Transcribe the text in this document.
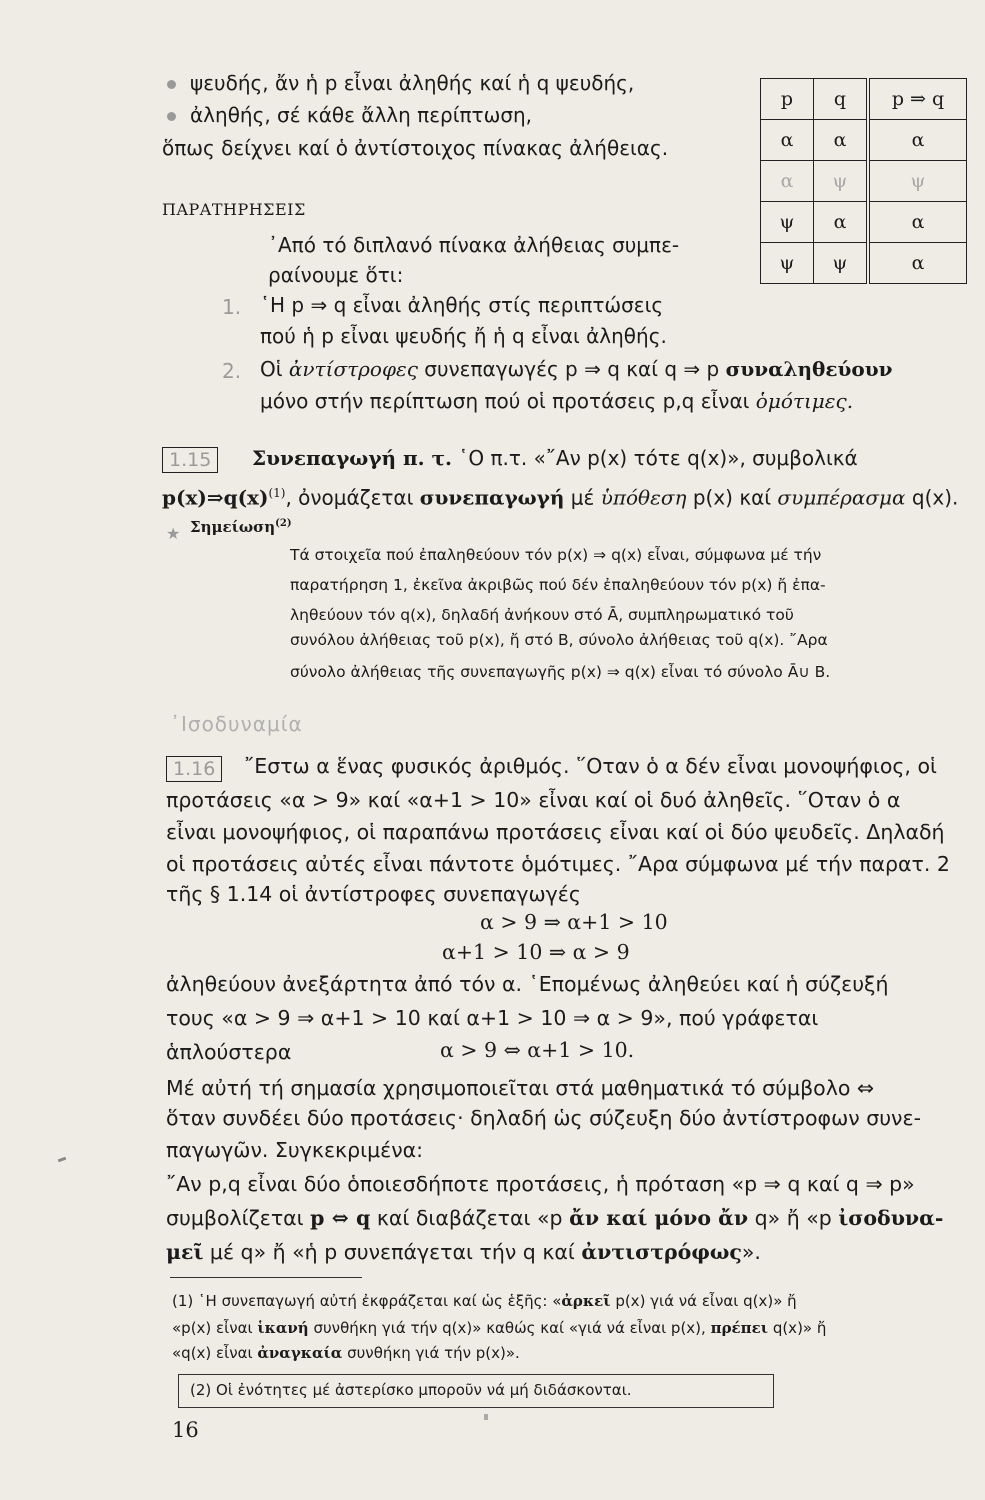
ψευδής, ἄν ἡ p εἶναι ἀληθής καί ἡ q ψευδής,
ἀληθής, σέ κάθε ἄλλη περίπτωση,
ὅπως δείχνει καί ὁ ἀντίστοιχος πίνακας ἀλήθειας.
p	q	p ⇒ q
α	α	α
α	ψ	ψ
ψ	α	α
ψ	ψ	α
ΠΑΡΑΤΗΡΗΣΕΙΣ
᾿Από τό διπλανό πίνακα ἀλήθειας συμπε-
ραίνουμε ὅτι:
1. ῾Η p ⇒ q εἶναι ἀληθής στίς περιπτώσεις
πού ἡ p εἶναι ψευδής ἤ ἡ q εἶναι ἀληθής.
2. Οἱ ἀντίστροφες συνεπαγωγές p ⇒ q καί q ⇒ p συναληθεύουν
μόνο στήν περίπτωση πού οἱ προτάσεις p,q εἶναι ὁμότιμες.
1.15	Συνεπαγωγή π. τ. ῾Ο π.τ. «῎Αν p(x) τότε q(x)», συμβολικά
$p(x)\Rightarrow q(x)^{(1)}$, ὀνομάζεται συνεπαγωγή μέ ὑπόθεση p(x) καί συμπέρασμα q(x).
★ Σημείωση$^{(2)}$
Τά στοιχεῖα πού ἐπαληθεύουν τόν p(x) ⇒ q(x) εἶναι, σύμφωνα μέ τήν
παρατήρηση 1, ἐκεῖνα ἀκριβῶς πού δέν ἐπαληθεύουν τόν p(x) ἤ ἐπα-
ληθεύουν τόν q(x), δηλαδή ἀνήκουν στό Ā, συμπληρωματικό τοῦ
συνόλου ἀλήθειας τοῦ p(x), ἤ στό Β, σύνολο ἀλήθειας τοῦ q(x). ῎Αρα
σύνολο ἀλήθειας τῆς συνεπαγωγῆς p(x) ⇒ q(x) εἶναι τό σύνολο Ā∪ Β.
᾿Ισοδυναμία
1.16	῎Εστω α ἕνας φυσικός ἀριθμός. ῞Οταν ὁ α δέν εἶναι μονοψήφιος, οἱ
προτάσεις «α > 9» καί «α+1 > 10» εἶναι καί οἱ δυό ἀληθεῖς. ῞Οταν ὁ α
εἶναι μονοψήφιος, οἱ παραπάνω προτάσεις εἶναι καί οἱ δύο ψευδεῖς. Δηλαδή
οἱ προτάσεις αὐτές εἶναι πάντοτε ὁμότιμες. ῎Αρα σύμφωνα μέ τήν παρατ. 2
τῆς § 1.14 οἱ ἀντίστροφες συνεπαγωγές
α > 9 ⇒ α+1 > 10
α+1 > 10 ⇒ α > 9
ἀληθεύουν ἀνεξάρτητα ἀπό τόν α. ῾Επομένως ἀληθεύει καί ἡ σύζευξή
τους «α > 9 ⇒ α+1 > 10 καί α+1 > 10 ⇒ α > 9», πού γράφεται
ἁπλούστερα	α > 9 ⇔ α+1 > 10.
Μέ αὐτή τή σημασία χρησιμοποιεῖται στά μαθηματικά τό σύμβολο ⇔
ὅταν συνδέει δύο προτάσεις· δηλαδή ὡς σύζευξη δύο ἀντίστροφων συνε-
παγωγῶν. Συγκεκριμένα:
῎Αν p,q εἶναι δύο ὁποιεσδήποτε προτάσεις, ἡ πρόταση «p ⇒ q καί q ⇒ p»
συμβολίζεται p ⇔ q καί διαβάζεται «p ἄν καί μόνο ἄν q» ἤ «p ἰσοδυνα-
μεῖ μέ q» ἤ «ἡ p συνεπάγεται τήν q καί ἀντιστρόφως».
(1) ῾Η συνεπαγωγή αὐτή ἐκφράζεται καί ὡς ἑξῆς: «ἀρκεῖ p(x) γιά νά εἶναι q(x)» ἤ
«p(x) εἶναι ἱκανή συνθήκη γιά τήν q(x)» καθώς καί «γιά νά εἶναι p(x), πρέπει q(x)» ἤ
«q(x) εἶναι ἀναγκαία συνθήκη γιά τήν p(x)».
(2) Οἱ ἐνότητες μέ ἀστερίσκο μποροῦν νά μή διδάσκονται.
16
